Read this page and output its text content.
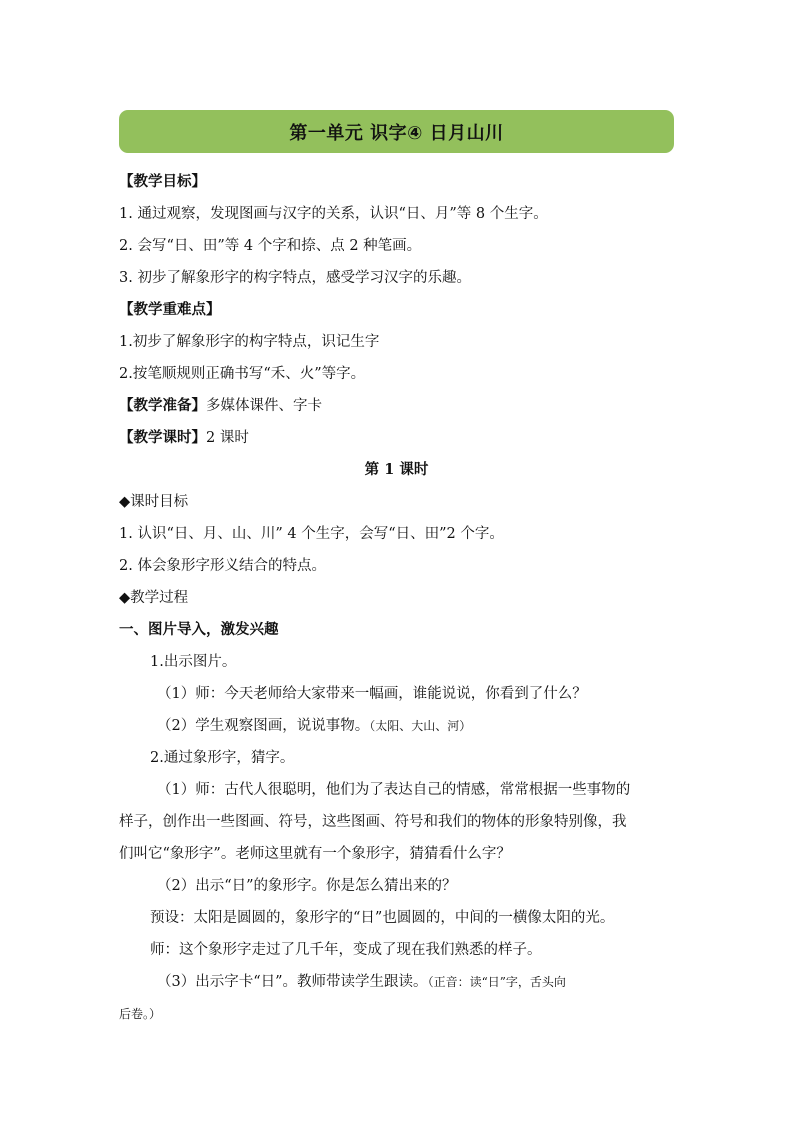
第一单元 识字④ 日月山川
【教学目标】
1. 通过观察，发现图画与汉字的关系，认识“日、月”等 8 个生字。
2. 会写“日、田”等 4 个字和捺、点 2 种笔画。
3. 初步了解象形字的构字特点，感受学习汉字的乐趣。
【教学重难点】
1.初步了解象形字的构字特点，识记生字
2.按笔顺规则正确书写“禾、火”等字。
【教学准备】多媒体课件、字卡
【教学课时】2 课时
第 1 课时
◆课时目标
1. 认识“日、月、山、川” 4 个生字，会写“日、田”2 个字。
2. 体会象形字形义结合的特点。
◆教学过程
一、图片导入，激发兴趣
1.出示图片。
（1）师：今天老师给大家带来一幅画，谁能说说，你看到了什么？
（2）学生观察图画，说说事物。（太阳、大山、河）
2.通过象形字，猜字。
（1）师：古代人很聪明，他们为了表达自己的情感，常常根据一些事物的
样子，创作出一些图画、符号，这些图画、符号和我们的物体的形象特别像，我
们叫它“象形字”。老师这里就有一个象形字，猜猜看什么字？
（2）出示“日”的象形字。你是怎么猜出来的？
预设：太阳是圆圆的，象形字的“日”也圆圆的，中间的一横像太阳的光。
师：这个象形字走过了几千年，变成了现在我们熟悉的样子。
（3）出示字卡“日”。教师带读学生跟读。（正音：读“日”字，舌头向
后卷。）
